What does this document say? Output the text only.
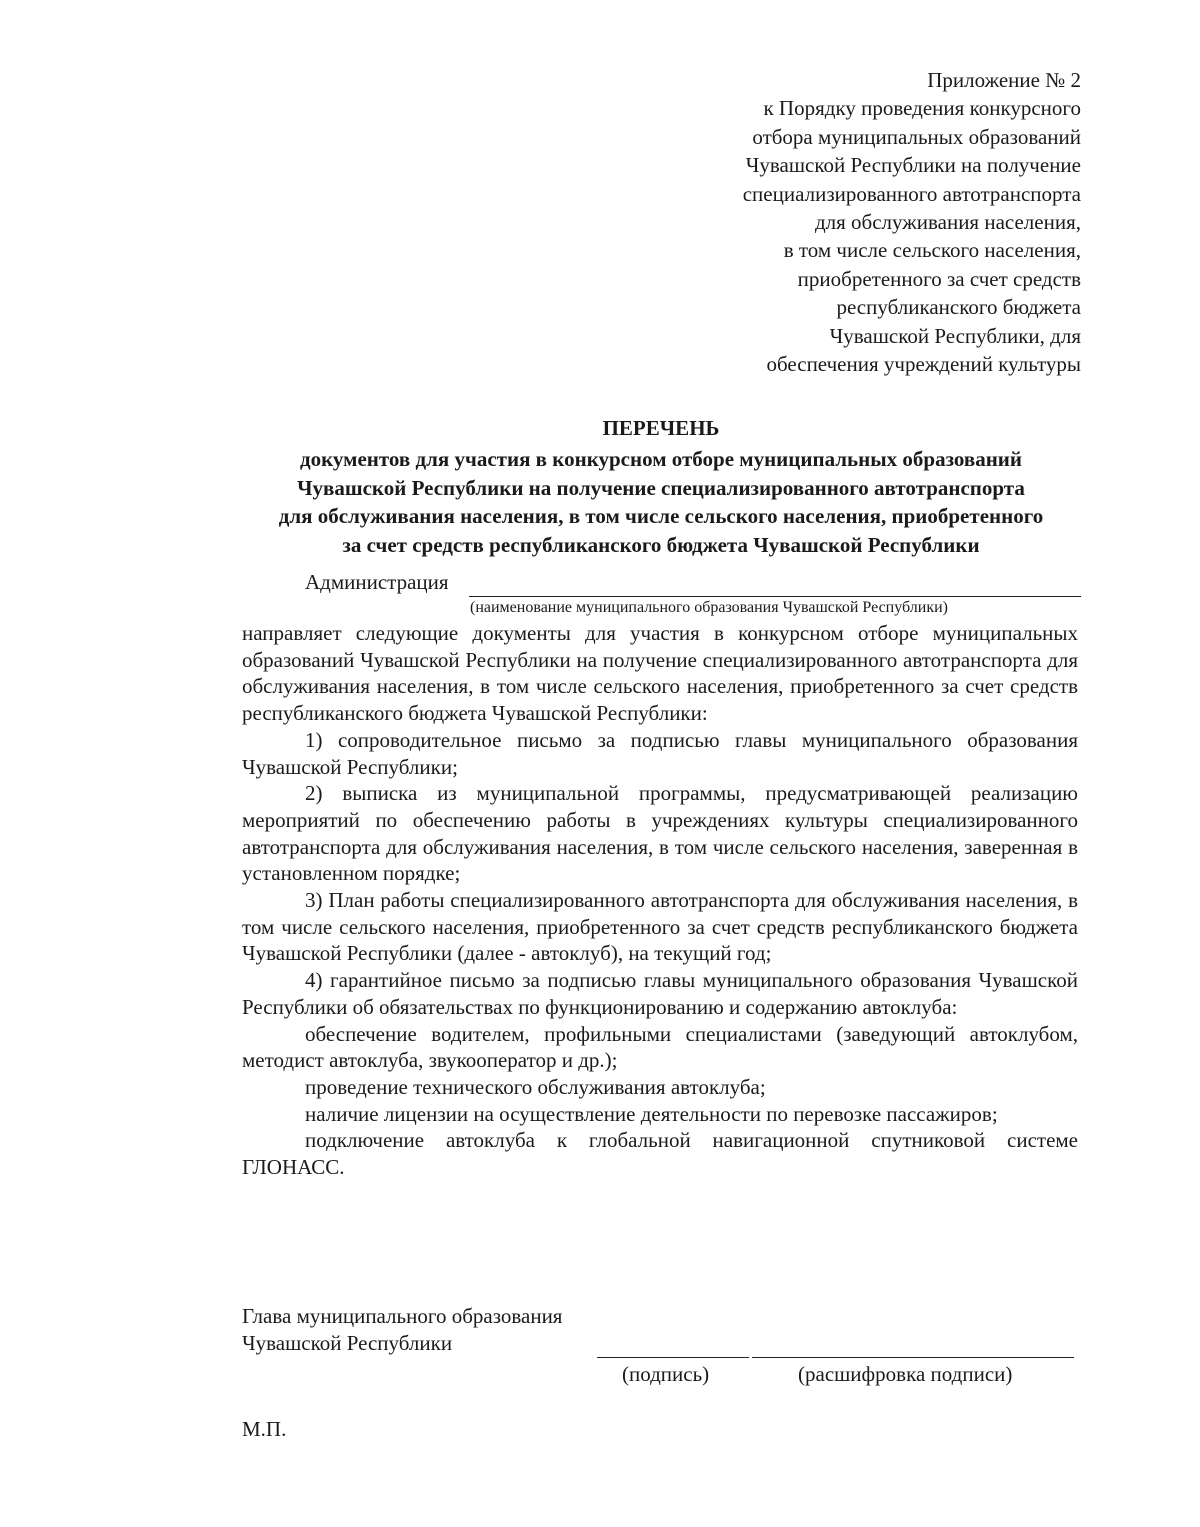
Приложение № 2
к Порядку проведения конкурсного
отбора муниципальных образований
Чувашской Республики на получение
специализированного автотранспорта
для обслуживания населения,
в том числе сельского населения,
приобретенного за счет средств
республиканского бюджета
Чувашской Республики, для
обеспечения учреждений культуры
ПЕРЕЧЕНЬ
документов для участия в конкурсном отборе муниципальных образований
Чувашской Республики на получение специализированного автотранспорта
для обслуживания населения, в том числе сельского населения, приобретенного
за счет средств республиканского бюджета Чувашской Республики
Администрация
(наименование муниципального образования Чувашской Республики)

направляет следующие документы для участия в конкурсном отборе муниципальных образований Чувашской Республики на получение специализированного автотранспорта для обслуживания населения, в том числе сельского населения, приобретенного за счет средств республиканского бюджета Чувашской Республики:

1) сопроводительное письмо за подписью главы муниципального образования Чувашской Республики;

2) выписка из муниципальной программы, предусматривающей реализацию мероприятий по обеспечению работы в учреждениях культуры специализированного автотранспорта для обслуживания населения, в том числе сельского населения, заверенная в установленном порядке;

3) План работы специализированного автотранспорта для обслуживания населения, в том числе сельского населения, приобретенного за счет средств республиканского бюджета Чувашской Республики (далее - автоклуб), на текущий год;

4) гарантийное письмо за подписью главы муниципального образования Чувашской Республики об обязательствах по функционированию и содержанию автоклуба:

обеспечение водителем, профильными специалистами (заведующий автоклубом, методист автоклуба, звукооператор и др.);

проведение технического обслуживания автоклуба;

наличие лицензии на осуществление деятельности по перевозке пассажиров;

подключение автоклуба к глобальной навигационной спутниковой системе ГЛОНАСС.

Глава муниципального образования
Чувашской Республики
(подпись)	(расшифровка подписи)
М.П.
